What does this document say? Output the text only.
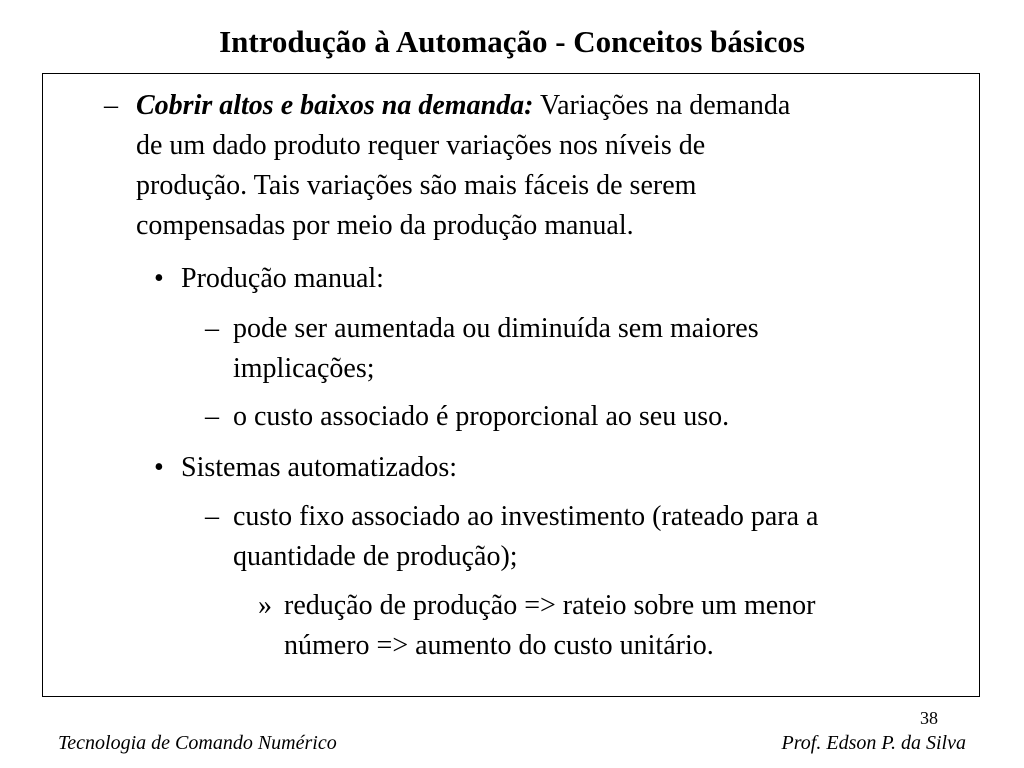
Introdução à Automação - Conceitos básicos
– Cobrir altos e baixos na demanda: Variações na demanda
de um dado produto requer variações nos níveis de
produção. Tais variações são mais fáceis de serem
compensadas por meio da produção manual.
• Produção manual:
– pode ser aumentada ou diminuída sem maiores
implicações;
– o custo associado é proporcional ao seu uso.
• Sistemas automatizados:
– custo fixo associado ao investimento (rateado para a
quantidade de produção);
» redução de produção => rateio sobre um menor
número => aumento do custo unitário.
38
Tecnologia de Comando Numérico	Prof. Edson P. da Silva
